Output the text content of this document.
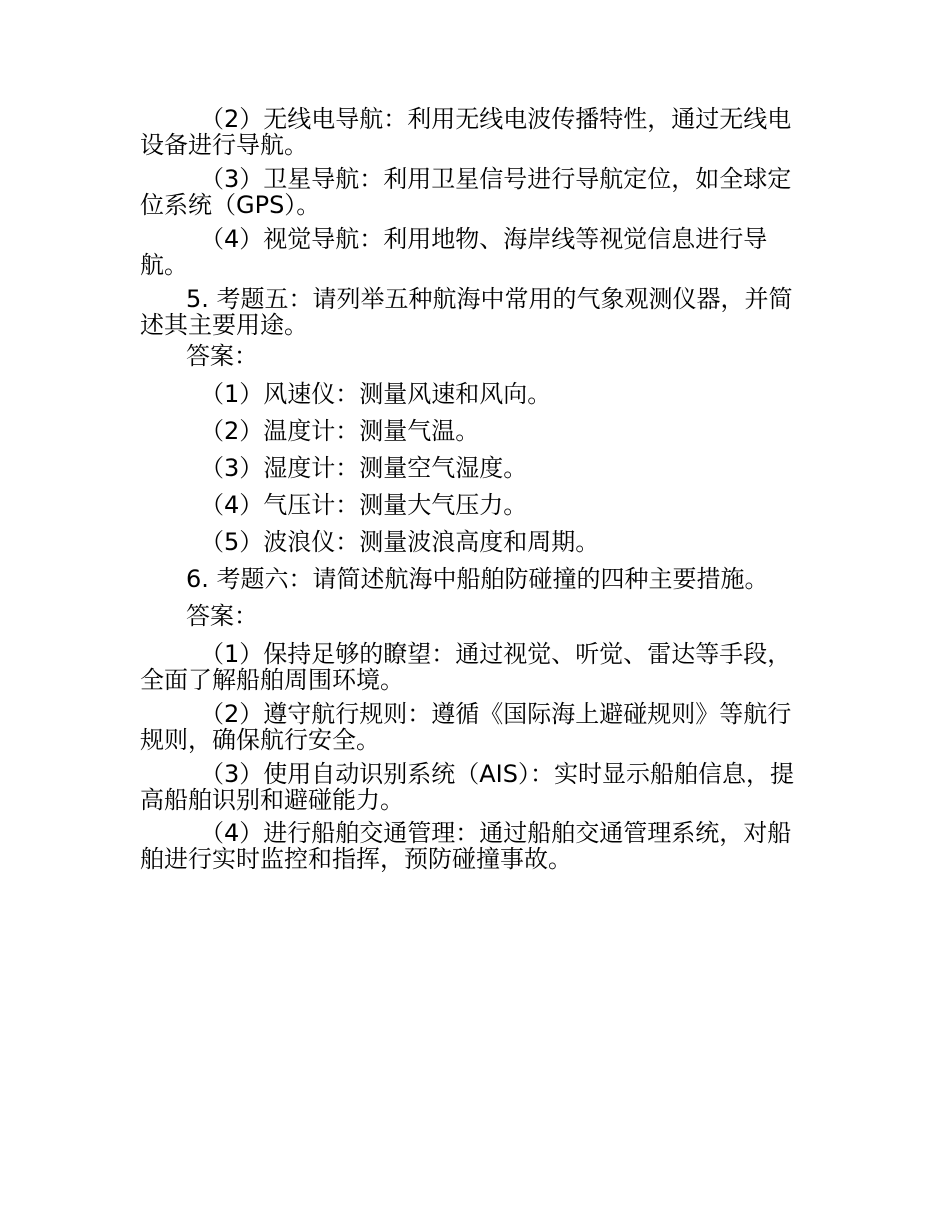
（2）无线电导航：利用无线电波传播特性，通过无线电设备进行导航。
（3）卫星导航：利用卫星信号进行导航定位，如全球定位系统（GPS）。
（4）视觉导航：利用地物、海岸线等视觉信息进行导航。
5. 考题五：请列举五种航海中常用的气象观测仪器，并简述其主要用途。
答案：
（1）风速仪：测量风速和风向。
（2）温度计：测量气温。
（3）湿度计：测量空气湿度。
（4）气压计：测量大气压力。
（5）波浪仪：测量波浪高度和周期。
6. 考题六：请简述航海中船舶防碰撞的四种主要措施。
答案：
（1）保持足够的瞭望：通过视觉、听觉、雷达等手段，全面了解船舶周围环境。
（2）遵守航行规则：遵循《国际海上避碰规则》等航行规则，确保航行安全。
（3）使用自动识别系统（AIS）：实时显示船舶信息，提高船舶识别和避碰能力。
（4）进行船舶交通管理：通过船舶交通管理系统，对船舶进行实时监控和指挥，预防碰撞事故。
